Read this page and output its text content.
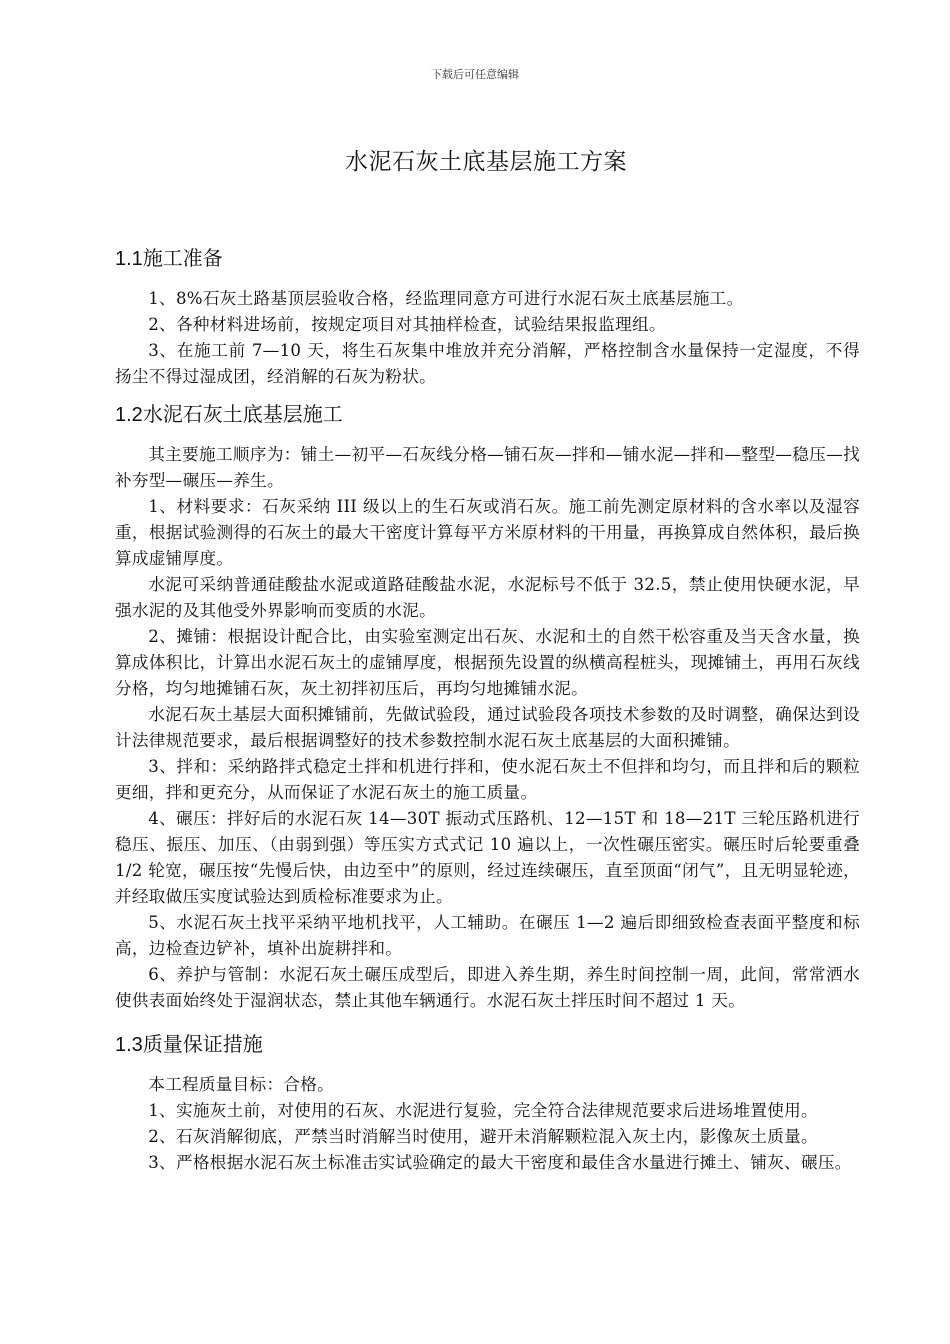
下载后可任意编辑
水泥石灰土底基层施工方案
1.1施工准备

1、8%石灰土路基顶层验收合格，经监理同意方可进行水泥石灰土底基层施工。

2、各种材料进场前，按规定项目对其抽样检查，试验结果报监理组。

3、在施工前 7—10 天，将生石灰集中堆放并充分消解，严格控制含水量保持一定湿度，不得扬尘不得过湿成团，经消解的石灰为粉状。

1.2水泥石灰土底基层施工

其主要施工顺序为：铺土—初平—石灰线分格—铺石灰—拌和—铺水泥—拌和—整型—稳压—找补夯型—碾压—养生。

1、材料要求：石灰采纳 III 级以上的生石灰或消石灰。施工前先测定原材料的含水率以及湿容重，根据试验测得的石灰土的最大干密度计算每平方米原材料的干用量，再换算成自然体积，最后换算成虚铺厚度。

水泥可采纳普通硅酸盐水泥或道路硅酸盐水泥，水泥标号不低于 32.5，禁止使用快硬水泥，早强水泥的及其他受外界影响而变质的水泥。

2、摊铺：根据设计配合比，由实验室测定出石灰、水泥和土的自然干松容重及当天含水量，换算成体积比，计算出水泥石灰土的虚铺厚度，根据预先设置的纵横高程桩头，现摊铺土，再用石灰线分格，均匀地摊铺石灰，灰土初拌初压后，再均匀地摊铺水泥。

水泥石灰土基层大面积摊铺前，先做试验段，通过试验段各项技术参数的及时调整，确保达到设计法律规范要求，最后根据调整好的技术参数控制水泥石灰土底基层的大面积摊铺。

3、拌和：采纳路拌式稳定土拌和机进行拌和，使水泥石灰土不但拌和均匀，而且拌和后的颗粒更细，拌和更充分，从而保证了水泥石灰土的施工质量。

4、碾压：拌好后的水泥石灰 14—30T 振动式压路机、12—15T 和 18—21T 三轮压路机进行稳压、振压、加压、（由弱到强）等压实方式式记 10 遍以上，一次性碾压密实。碾压时后轮要重叠 1/2 轮宽，碾压按“先慢后快，由边至中”的原则，经过连续碾压，直至顶面“闭气”，且无明显轮迹，并经取做压实度试验达到质检标准要求为止。

5、水泥石灰土找平采纳平地机找平，人工辅助。在碾压 1—2 遍后即细致检查表面平整度和标高，边检查边铲补，填补出旋耕拌和。

6、养护与管制：水泥石灰土碾压成型后，即进入养生期，养生时间控制一周，此间，常常洒水使供表面始终处于湿润状态，禁止其他车辆通行。水泥石灰土拌压时间不超过 1 天。

1.3质量保证措施

本工程质量目标：合格。

1、实施灰土前，对使用的石灰、水泥进行复验，完全符合法律规范要求后进场堆置使用。

2、石灰消解彻底，严禁当时消解当时使用，避开未消解颗粒混入灰土内，影像灰土质量。

3、严格根据水泥石灰土标准击实试验确定的最大干密度和最佳含水量进行摊土、铺灰、碾压。
